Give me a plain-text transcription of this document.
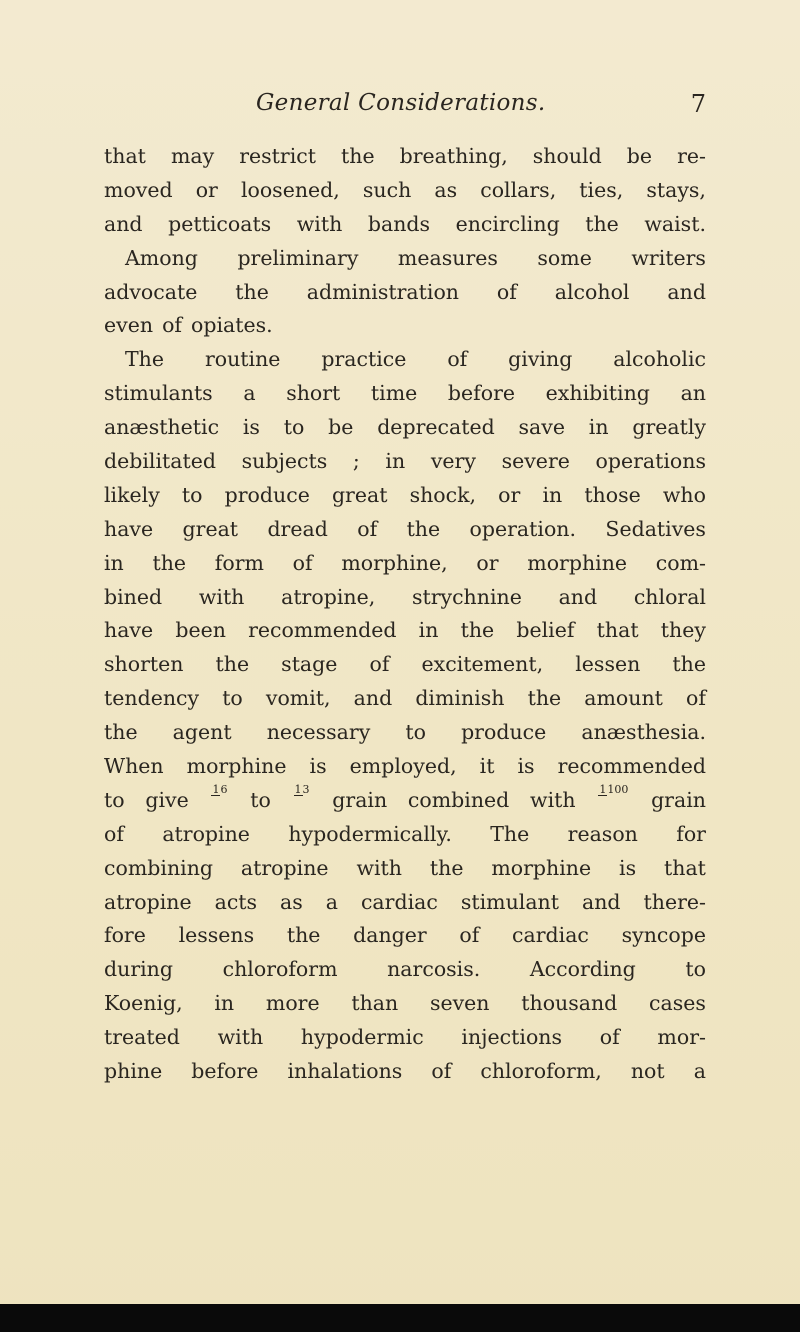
General Considerations.	7
that may restrict the breathing, should be re-
moved or loosened, such as collars, ties, stays,
and petticoats with bands encircling the waist.
Among preliminary measures some writers
advocate the administration of alcohol and
even of opiates.
The routine practice of giving alcoholic
stimulants a short time before exhibiting an
anæsthetic is to be deprecated save in greatly
debilitated subjects ; in very severe operations
likely to produce great shock, or in those who
have great dread of the operation. Sedatives
in the form of morphine, or morphine com-
bined with atropine, strychnine and chloral
have been recommended in the belief that they
shorten the stage of excitement, lessen the
tendency to vomit, and diminish the amount of
the agent necessary to produce anæsthesia.
When morphine is employed, it is recommended
to give 16 to 13 grain combined with 1100 grain
of atropine hypodermically. The reason for
combining atropine with the morphine is that
atropine acts as a cardiac stimulant and there-
fore lessens the danger of cardiac syncope
during chloroform narcosis. According to
Koenig, in more than seven thousand cases
treated with hypodermic injections of mor-
phine before inhalations of chloroform, not a
